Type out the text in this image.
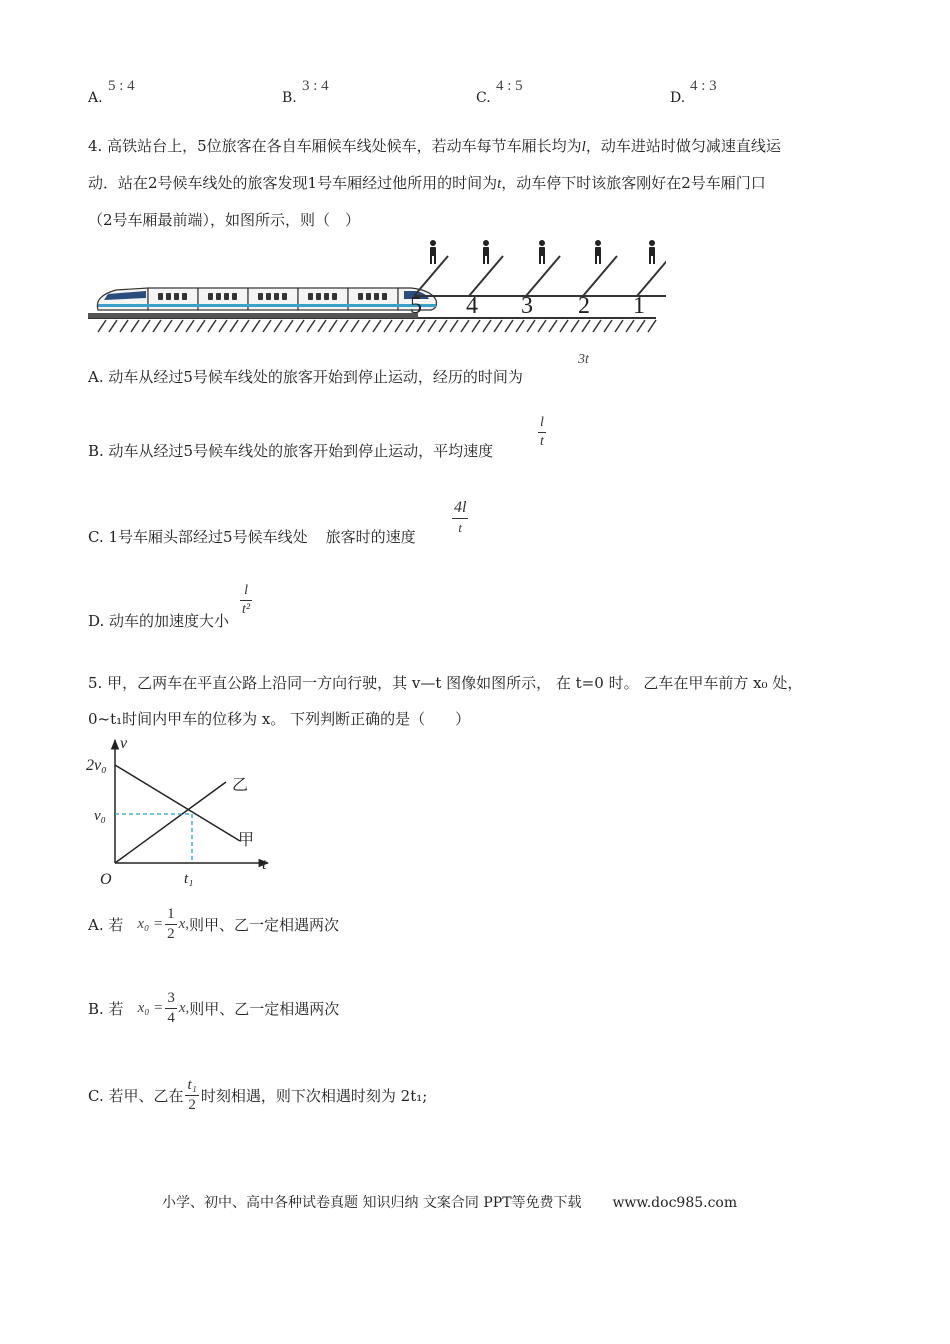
A.
5 : 4
B.
3 : 4
C.
4 : 5
D.
4 : 3
4. 高铁站台上，5位旅客在各自车厢候车线处候车，若动车每节车厢长均为l，动车进站时做匀减速直线运
动．站在2号候车线处的旅客发现1号车厢经过他所用的时间为t，动车停下时该旅客刚好在2号车厢门口
（2号车厢最前端），如图所示，则（　）
5 4 3 2 1
A. 动车从经过5号候车线处的旅客开始到停止运动，经历的时间为
3t
B. 动车从经过5号候车线处的旅客开始到停止运动，平均速度
$\frac{l}{t}$
C. 1号车厢头部经过5号候车线处 旅客时的速度
4l
t
D. 动车的加速度大小
$\frac{l}{\text{t²}}$
5. 甲，乙两车在平直公路上沿同一方向行驶，其 v—t 图像如图所示， 在 t=0 时。 乙车在甲车前方 x₀ 处，
0~t₁时间内甲车的位移为 x。 下列判断正确的是（　　）
v
t
O
2v₀
v₀
t₁
乙
甲
A. 若 $x_0 = \frac{1}{2} x$, 则甲、乙一定相遇两次
B. 若 $x_0 = \frac{3}{4} x$, 则甲、乙一定相遇两次
C. 若甲、乙在 $\frac{\text{t₁}}{2}$ 时刻相遇，则下次相遇时刻为 2t₁;
小学、初中、高中各种试卷真题 知识归纳 文案合同 PPT等免费下载 www.doc985.com
